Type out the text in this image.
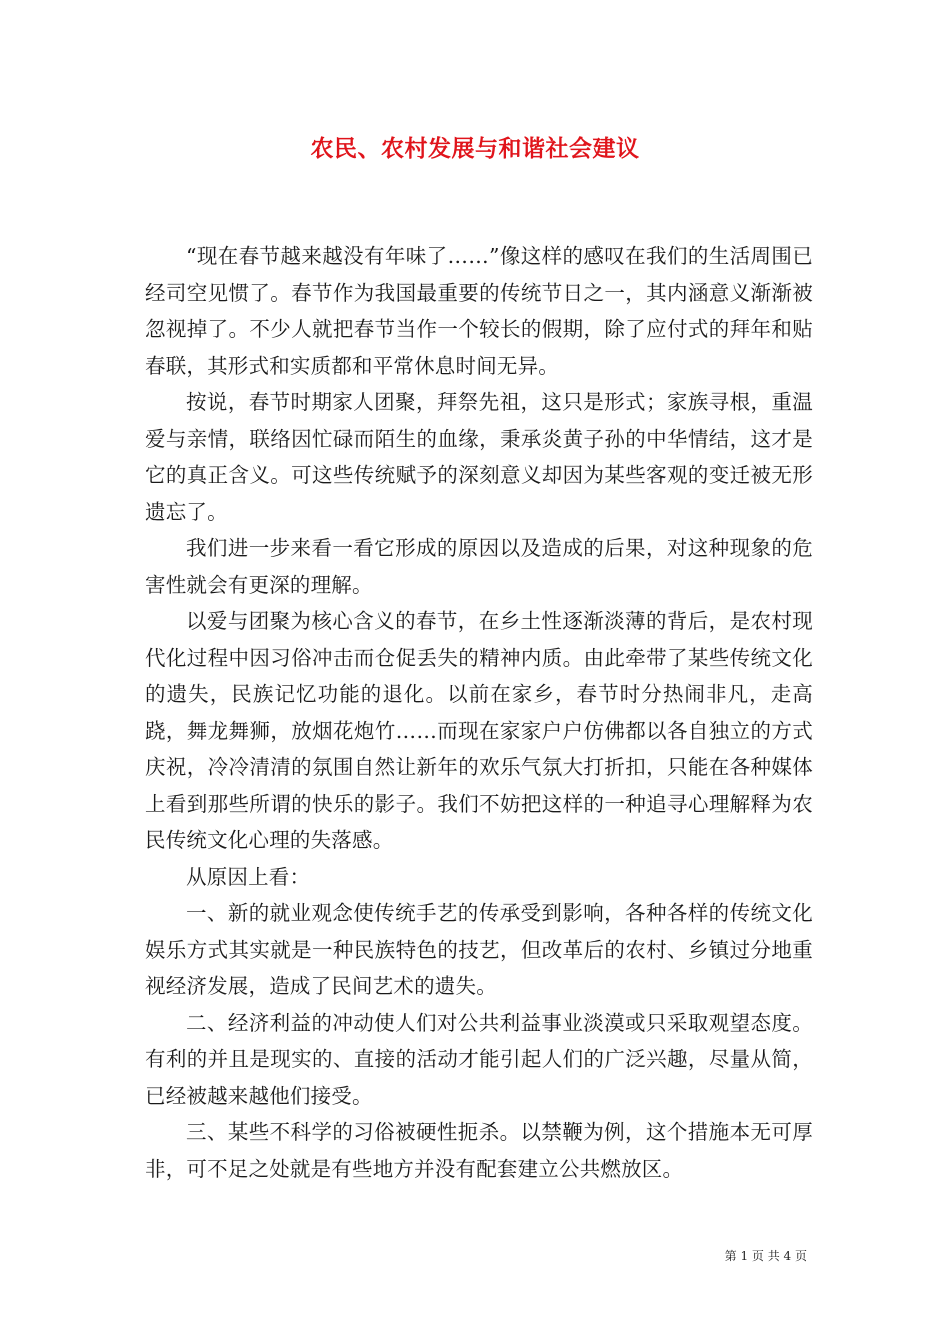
农民、农村发展与和谐社会建议

“现在春节越来越没有年味了……”像这样的感叹在我们的生活周围已经司空见惯了。春节作为我国最重要的传统节日之一，其内涵意义渐渐被忽视掉了。不少人就把春节当作一个较长的假期，除了应付式的拜年和贴春联，其形式和实质都和平常休息时间无异。

按说，春节时期家人团聚，拜祭先祖，这只是形式；家族寻根，重温爱与亲情，联络因忙碌而陌生的血缘，秉承炎黄子孙的中华情结，这才是它的真正含义。可这些传统赋予的深刻意义却因为某些客观的变迁被无形遗忘了。

我们进一步来看一看它形成的原因以及造成的后果，对这种现象的危害性就会有更深的理解。

以爱与团聚为核心含义的春节，在乡土性逐渐淡薄的背后，是农村现代化过程中因习俗冲击而仓促丢失的精神内质。由此牵带了某些传统文化的遗失，民族记忆功能的退化。以前在家乡，春节时分热闹非凡，走高跷，舞龙舞狮，放烟花炮竹……而现在家家户户仿佛都以各自独立的方式庆祝，冷冷清清的氛围自然让新年的欢乐气氛大打折扣，只能在各种媒体上看到那些所谓的快乐的影子。我们不妨把这样的一种追寻心理解释为农民传统文化心理的失落感。

从原因上看：

一、新的就业观念使传统手艺的传承受到影响，各种各样的传统文化娱乐方式其实就是一种民族特色的技艺，但改革后的农村、乡镇过分地重视经济发展，造成了民间艺术的遗失。

二、经济利益的冲动使人们对公共利益事业淡漠或只采取观望态度。有利的并且是现实的、直接的活动才能引起人们的广泛兴趣，尽量从简，已经被越来越他们接受。

三、某些不科学的习俗被硬性扼杀。以禁鞭为例，这个措施本无可厚非，可不足之处就是有些地方并没有配套建立公共燃放区。

第 1 页 共 4 页
